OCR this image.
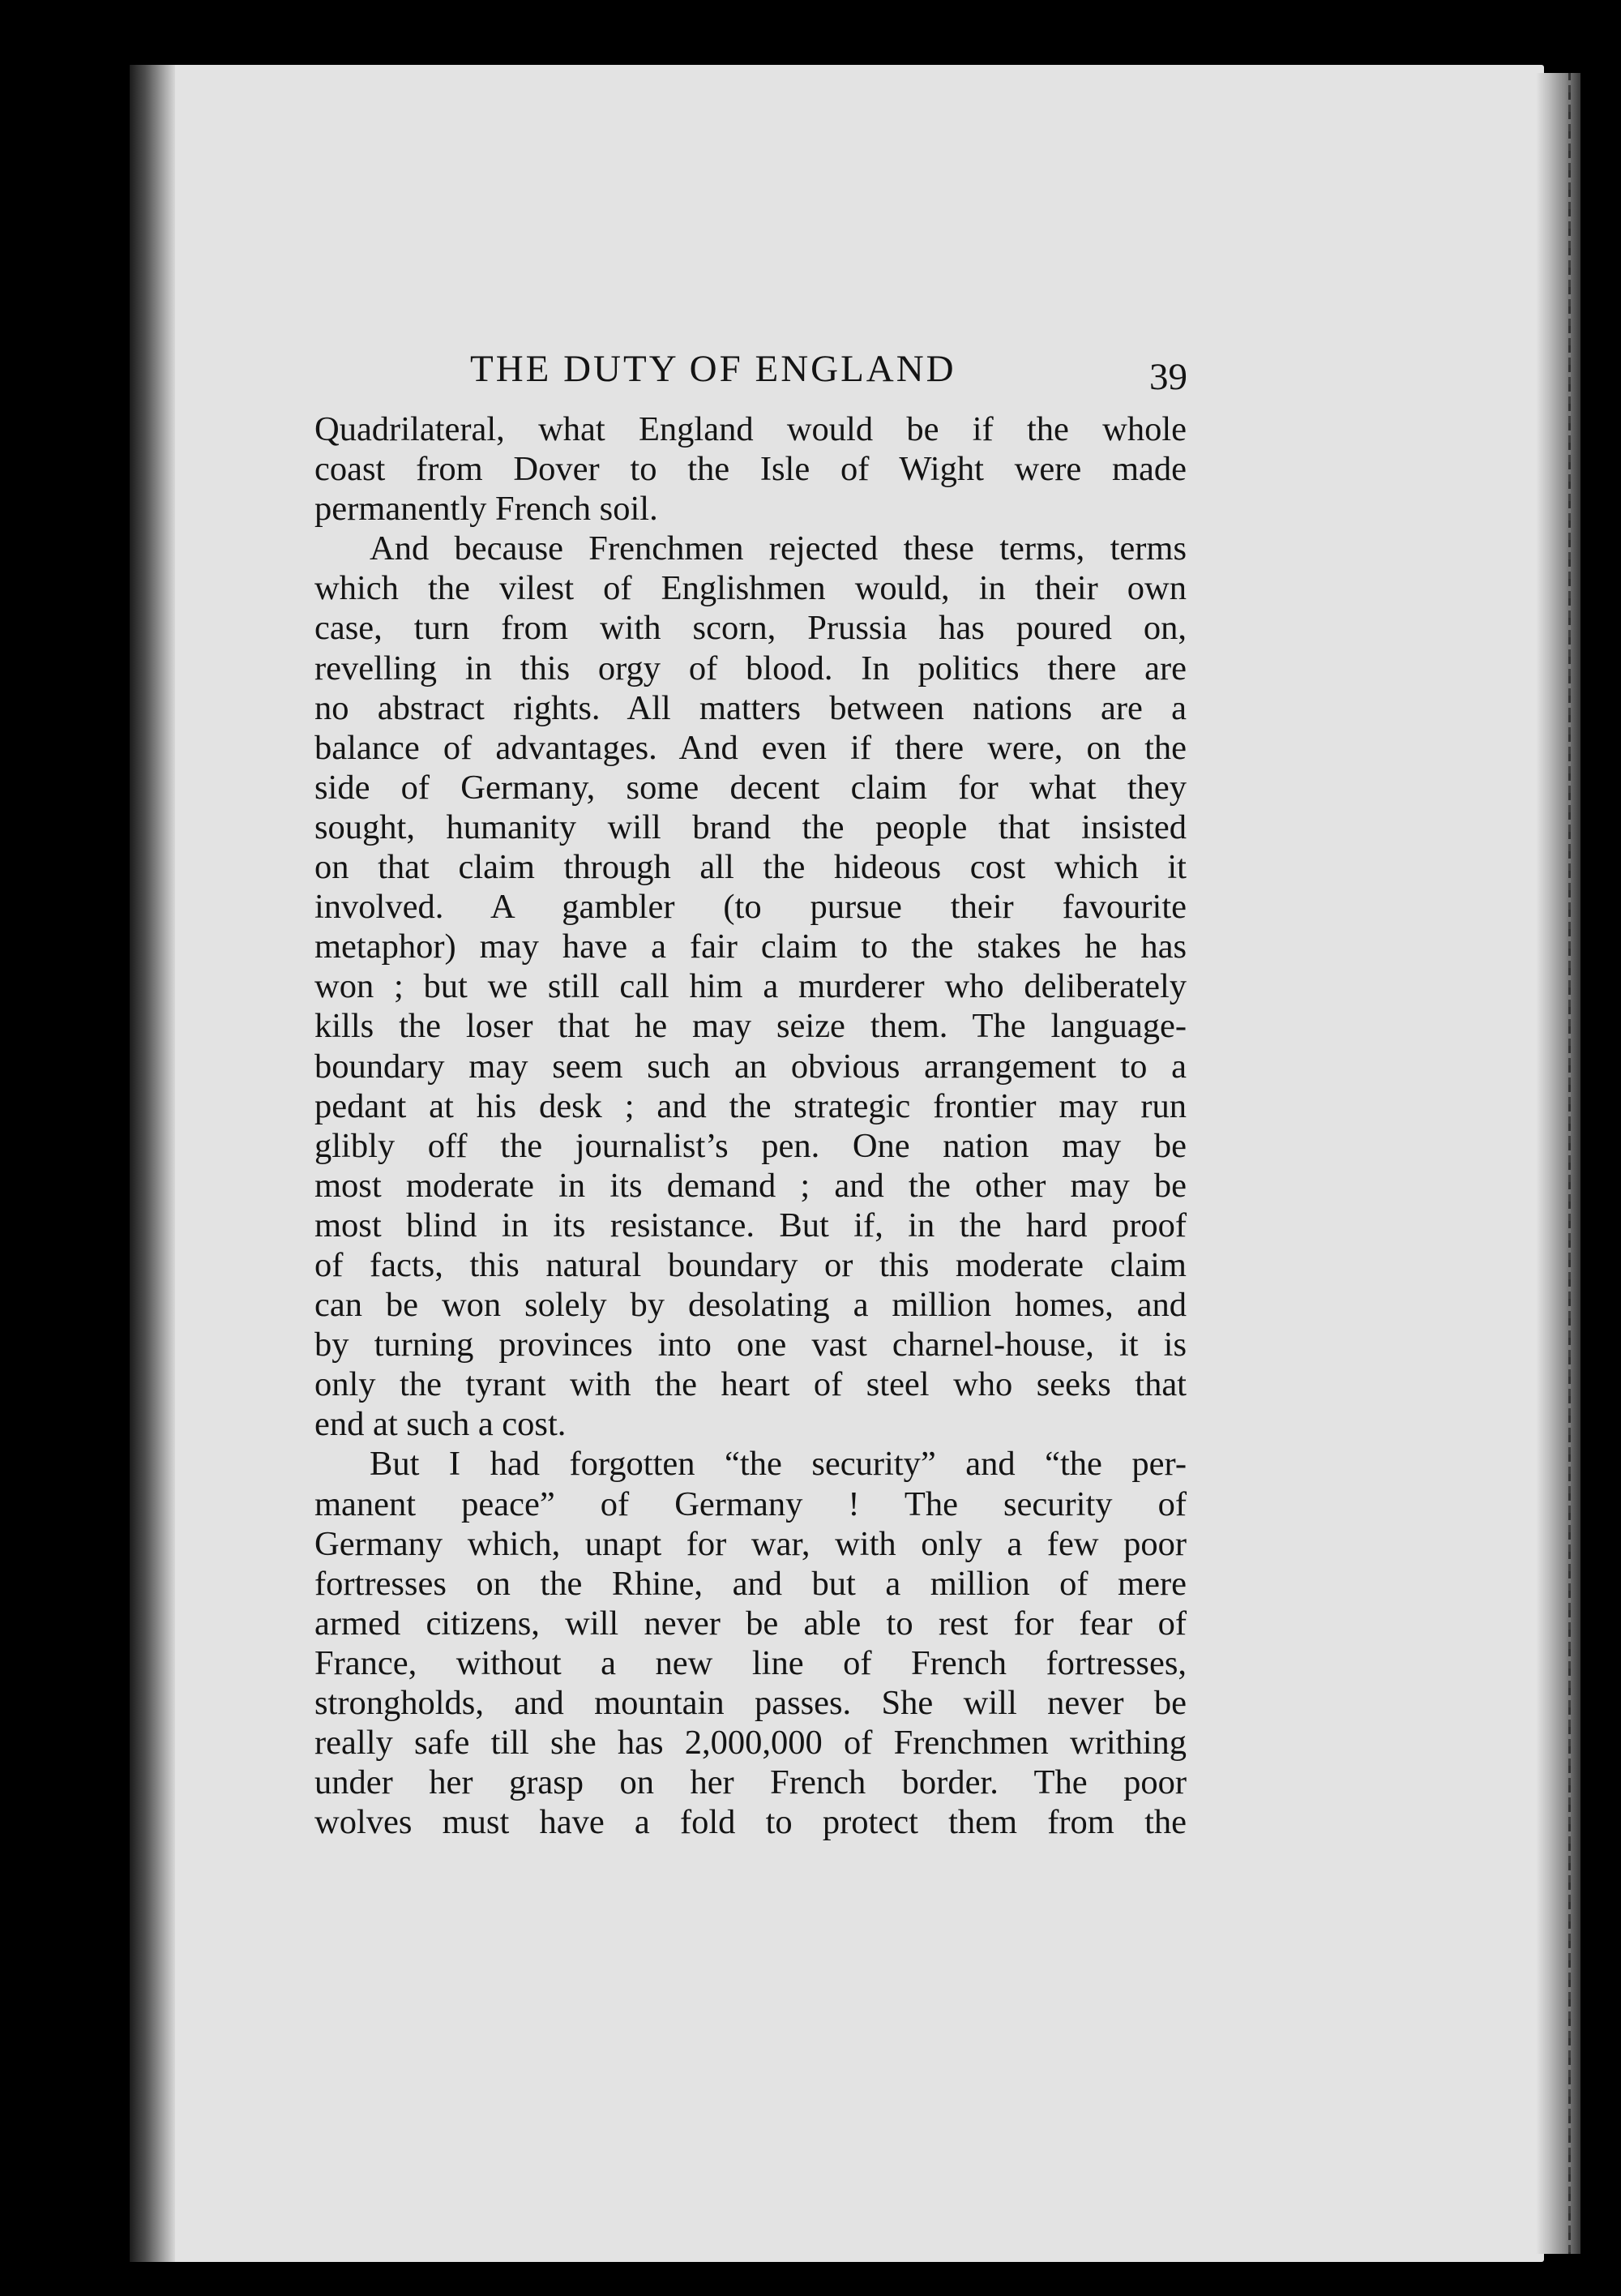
THE DUTY OF ENGLAND	39

Quadrilateral, what England would be if the whole

coast from Dover to the Isle of Wight were made

permanently French soil.

And because Frenchmen rejected these terms, terms

which the vilest of Englishmen would, in their own

case, turn from with scorn, Prussia has poured on,

revelling in this orgy of blood. In politics there are

no abstract rights. All matters between nations are a

balance of advantages. And even if there were, on the

side of Germany, some decent claim for what they

sought, humanity will brand the people that insisted

on that claim through all the hideous cost which it

involved. A gambler (to pursue their favourite

metaphor) may have a fair claim to the stakes he has

won ; but we still call him a murderer who deliberately

kills the loser that he may seize them. The language-

boundary may seem such an obvious arrangement to a

pedant at his desk ; and the strategic frontier may run

glibly off the journalist’s pen. One nation may be

most moderate in its demand ; and the other may be

most blind in its resistance. But if, in the hard proof

of facts, this natural boundary or this moderate claim

can be won solely by desolating a million homes, and

by turning provinces into one vast charnel-house, it is

only the tyrant with the heart of steel who seeks that

end at such a cost.

But I had forgotten “the security” and “the per-

manent peace” of Germany ! The security of

Germany which, unapt for war, with only a few poor

fortresses on the Rhine, and but a million of mere

armed citizens, will never be able to rest for fear of

France, without a new line of French fortresses,

strongholds, and mountain passes. She will never be

really safe till she has 2,000,000 of Frenchmen writhing

under her grasp on her French border. The poor

wolves must have a fold to protect them from the
